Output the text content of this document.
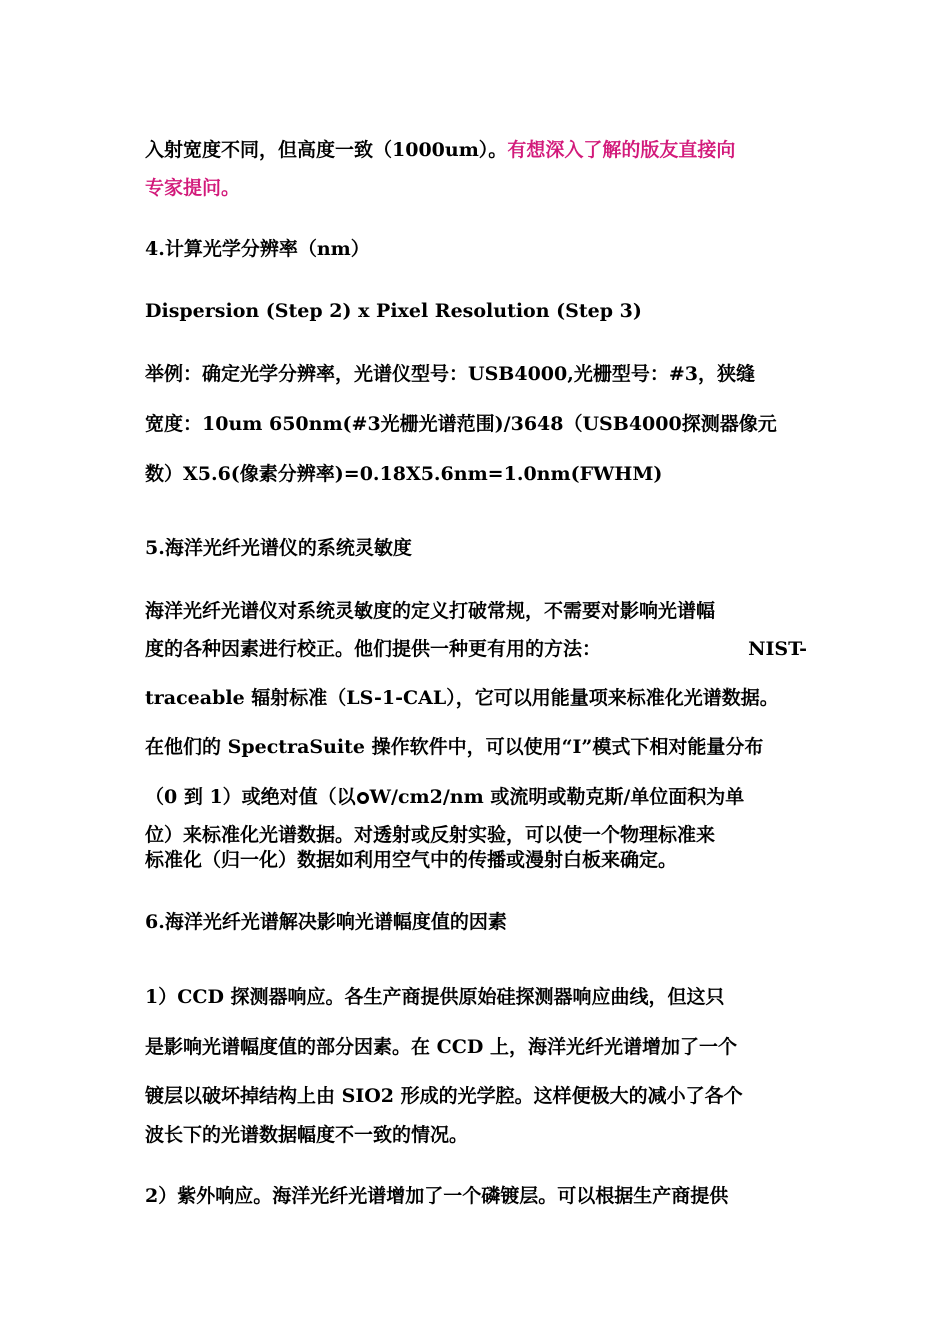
入射宽度不同，但高度一致（1000um）。有想深入了解的版友直接向
专家提问。
4.计算光学分辨率（nm）
Dispersion (Step 2) x Pixel Resolution (Step 3)
举例：确定光学分辨率，光谱仪型号：USB4000,光栅型号：#3，狭缝
宽度：10um 650nm(#3光栅光谱范围)/3648（USB4000探测器像元
数）X5.6(像素分辨率)=0.18X5.6nm=1.0nm(FWHM)
5.海洋光纤光谱仪的系统灵敏度
海洋光纤光谱仪对系统灵敏度的定义打破常规，不需要对影响光谱幅
度的各种因素进行校正。他们提供一种更有用的方法：	NIST-
traceable 辐射标准（LS-1-CAL），它可以用能量项来标准化光谱数据。
在他们的 SpectraSuite 操作软件中，可以使用“I”模式下相对能量分布
（0 到 1）或绝对值（以 W/cm2/nm 或流明或勒克斯/单位面积为单
位）来标准化光谱数据。对透射或反射实验，可以使一个物理标准来
标准化（归一化）数据如利用空气中的传播或漫射白板来确定。
6.海洋光纤光谱解决影响光谱幅度值的因素
1）CCD 探测器响应。各生产商提供原始硅探测器响应曲线，但这只
是影响光谱幅度值的部分因素。在 CCD 上，海洋光纤光谱增加了一个
镀层以破坏掉结构上由 SIO2 形成的光学腔。这样便极大的减小了各个
波长下的光谱数据幅度不一致的情况。
2）紫外响应。海洋光纤光谱增加了一个磷镀层。可以根据生产商提供
